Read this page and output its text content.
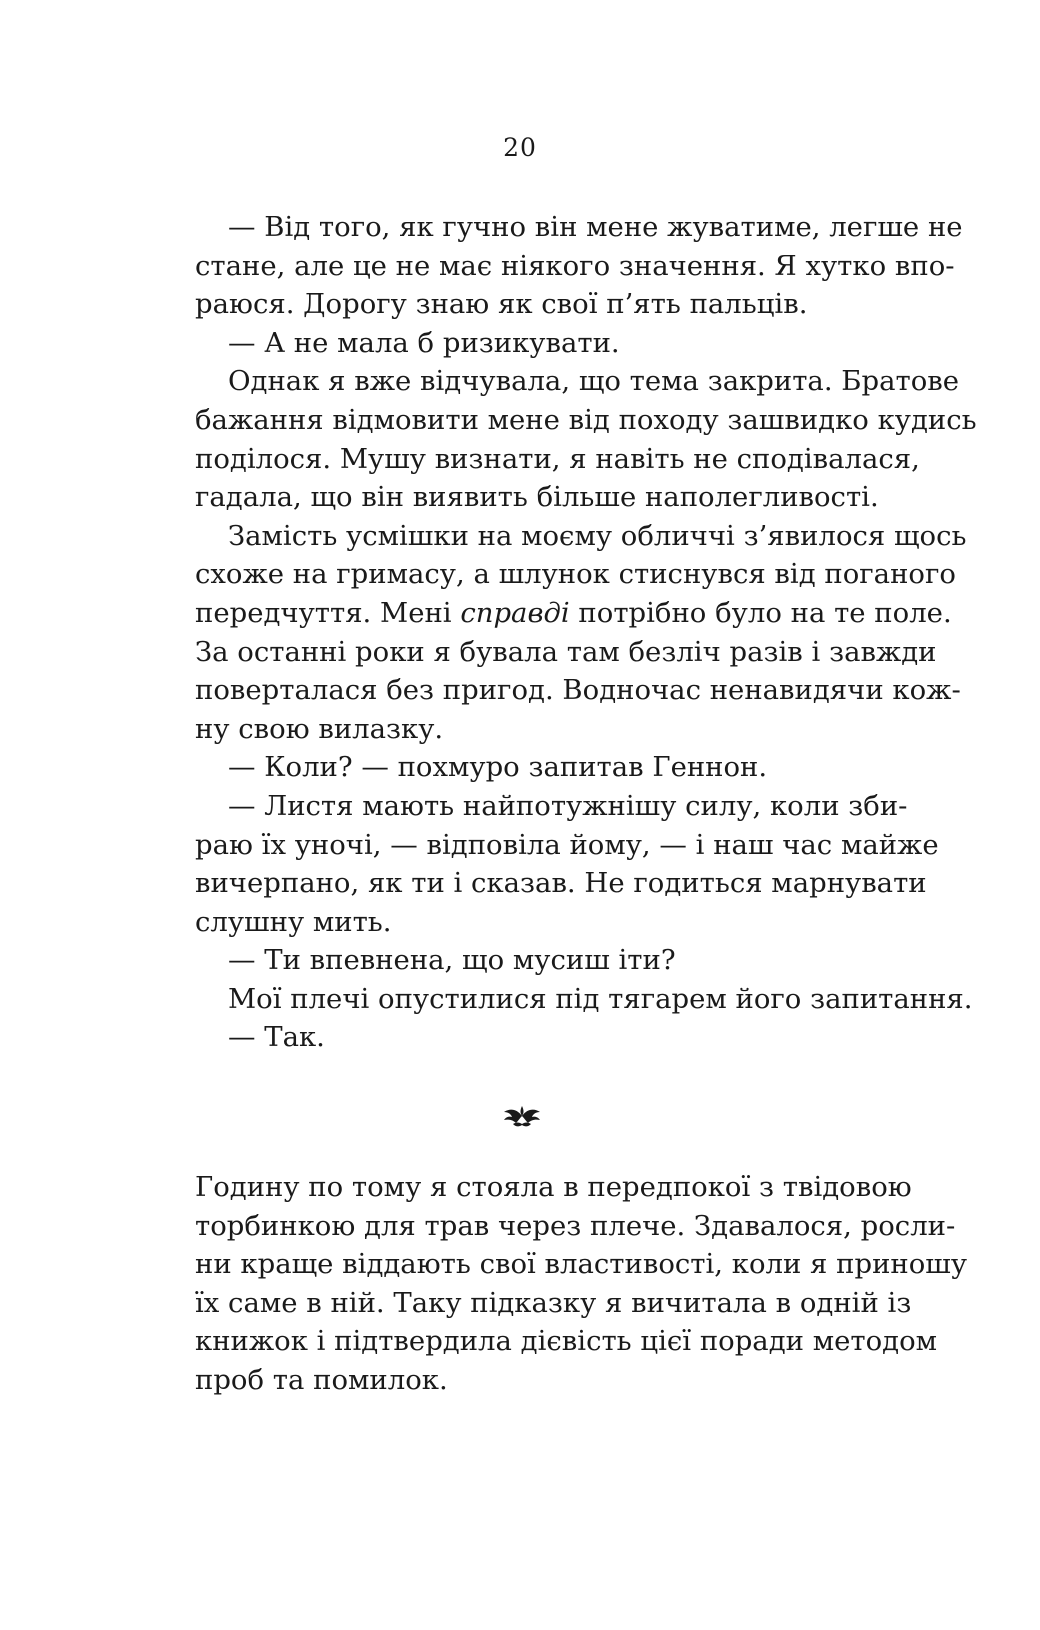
20
— Від того, як гучно він мене жуватиме, легше не
стане, але це не має ніякого значення. Я хутко впо-
раюся. Дорогу знаю як свої п’ять пальців.
— А не мала б ризикувати.
Однак я вже відчувала, що тема закрита. Братове
бажання відмовити мене від походу зашвидко кудись
поділося. Мушу визнати, я навіть не сподівалася,
гадала, що він виявить більше наполегливості.
Замість усмішки на моєму обличчі з’явилося щось
схоже на гримасу, а шлунок стиснувся від поганого
передчуття. Мені справді потрібно було на те поле.
За останні роки я бувала там безліч разів і завжди
поверталася без пригод. Водночас ненавидячи кож-
ну свою вилазку.
— Коли? — похмуро запитав Геннон.
— Листя мають найпотужнішу силу, коли зби-
раю їх уночі, — відповіла йому, — і наш час майже
вичерпано, як ти і сказав. Не годиться марнувати
слушну мить.
— Ти впевнена, що мусиш іти?
Мої плечі опустилися під тягарем його запитання.
— Так.
Годину по тому я стояла в передпокої з твідовою
торбинкою для трав через плече. Здавалося, росли-
ни краще віддають свої властивості, коли я приношу
їх саме в ній. Таку підказку я вичитала в одній із
книжок і підтвердила дієвість цієї поради методом
проб та помилок.
